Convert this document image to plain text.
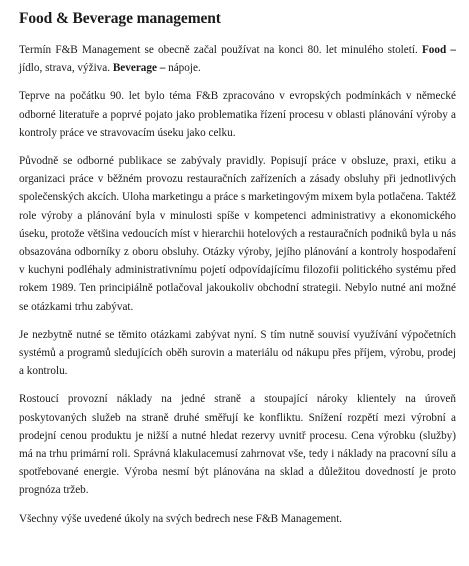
Food & Beverage management

Termín F&B Management se obecně začal používat na konci 80. let minulého století. Food – jídlo, strava, výživa. Beverage – nápoje.

Teprve na počátku 90. let bylo téma F&B zpracováno v evropských podmínkách v německé odborné literatuře a poprvé pojato jako problematika řízení procesu v oblasti plánování výroby a kontroly práce ve stravovacím úseku jako celku.

Původně se odborné publikace se zabývaly pravidly. Popisují práce v obsluze, praxi, etiku a organizaci práce v běžném provozu restauračních zařízeních a zásady obsluhy při jednotlivých společenských akcích. Uloha marketingu a práce s marketingovým mixem byla potlačena. Taktéž role výroby a plánování byla v minulosti spíše v kompetenci administrativy a ekonomického úseku, protože většina vedoucích míst v hierarchii hotelových a restauračních podniků byla u nás obsazována odborníky z oboru obsluhy. Otázky výroby, jejího plánování a kontroly hospodaření v kuchyni podléhaly administrativnímu pojetí odpovídajícímu filozofii politického systému před rokem 1989. Ten principiálně potlačoval jakoukoliv obchodní strategii. Nebylo nutné ani možné se otázkami trhu zabývat.

Je nezbytně nutné se těmito otázkami zabývat nyní. S tím nutně souvisí využívání výpočetních systémů a programů sledujících oběh surovin a materiálu od nákupu přes příjem, výrobu, prodej a kontrolu.

Rostoucí provozní náklady na jedné straně a stoupající nároky klientely na úroveň poskytovaných služeb na straně druhé směřují ke konfliktu. Snížení rozpětí mezi výrobní a prodejní cenou produktu je nižší a nutné hledat rezervy uvnitř procesu. Cena výrobku (služby) má na trhu primární roli. Správná klakulacemusí zahrnovat vše, tedy i náklady na pracovní sílu a spotřebované energie. Výroba nesmí být plánována na sklad a důležitou dovedností je proto prognóza tržeb.

Všechny výše uvedené úkoly na svých bedrech nese F&B Management.
